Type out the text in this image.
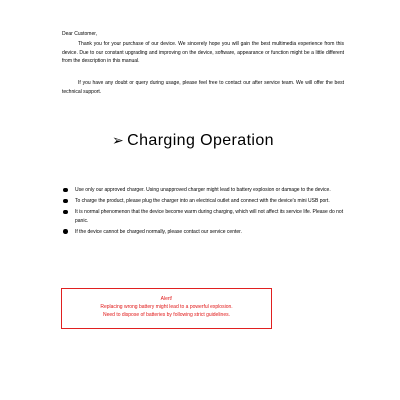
Dear Customer,

Thank you for your purchase of our device. We sincerely hope you will gain the best multimedia experience from this device. Due to our constant upgrading and improving on the device, software, appearance or function might be a little different from the description in this manual.

If you have any doubt or query during usage, please feel free to contact our after service team. We will offer the best technical support.

➢ Charging Operation
Use only our approved charger. Using unapproved charger might lead to battery explosion or damage to the device.
To charge the product, please plug the charger into an electrical outlet and connect with the device's mini USB port.
It is normal phenomenon that the device become warm during charging, which will not affect its service life. Please do not panic.
If the device cannot be charged normally, please contact our service center.
Alert!
Replacing wrong battery might lead to a powerful explosion.
Need to dispose of batteries by following strict guidelines.
